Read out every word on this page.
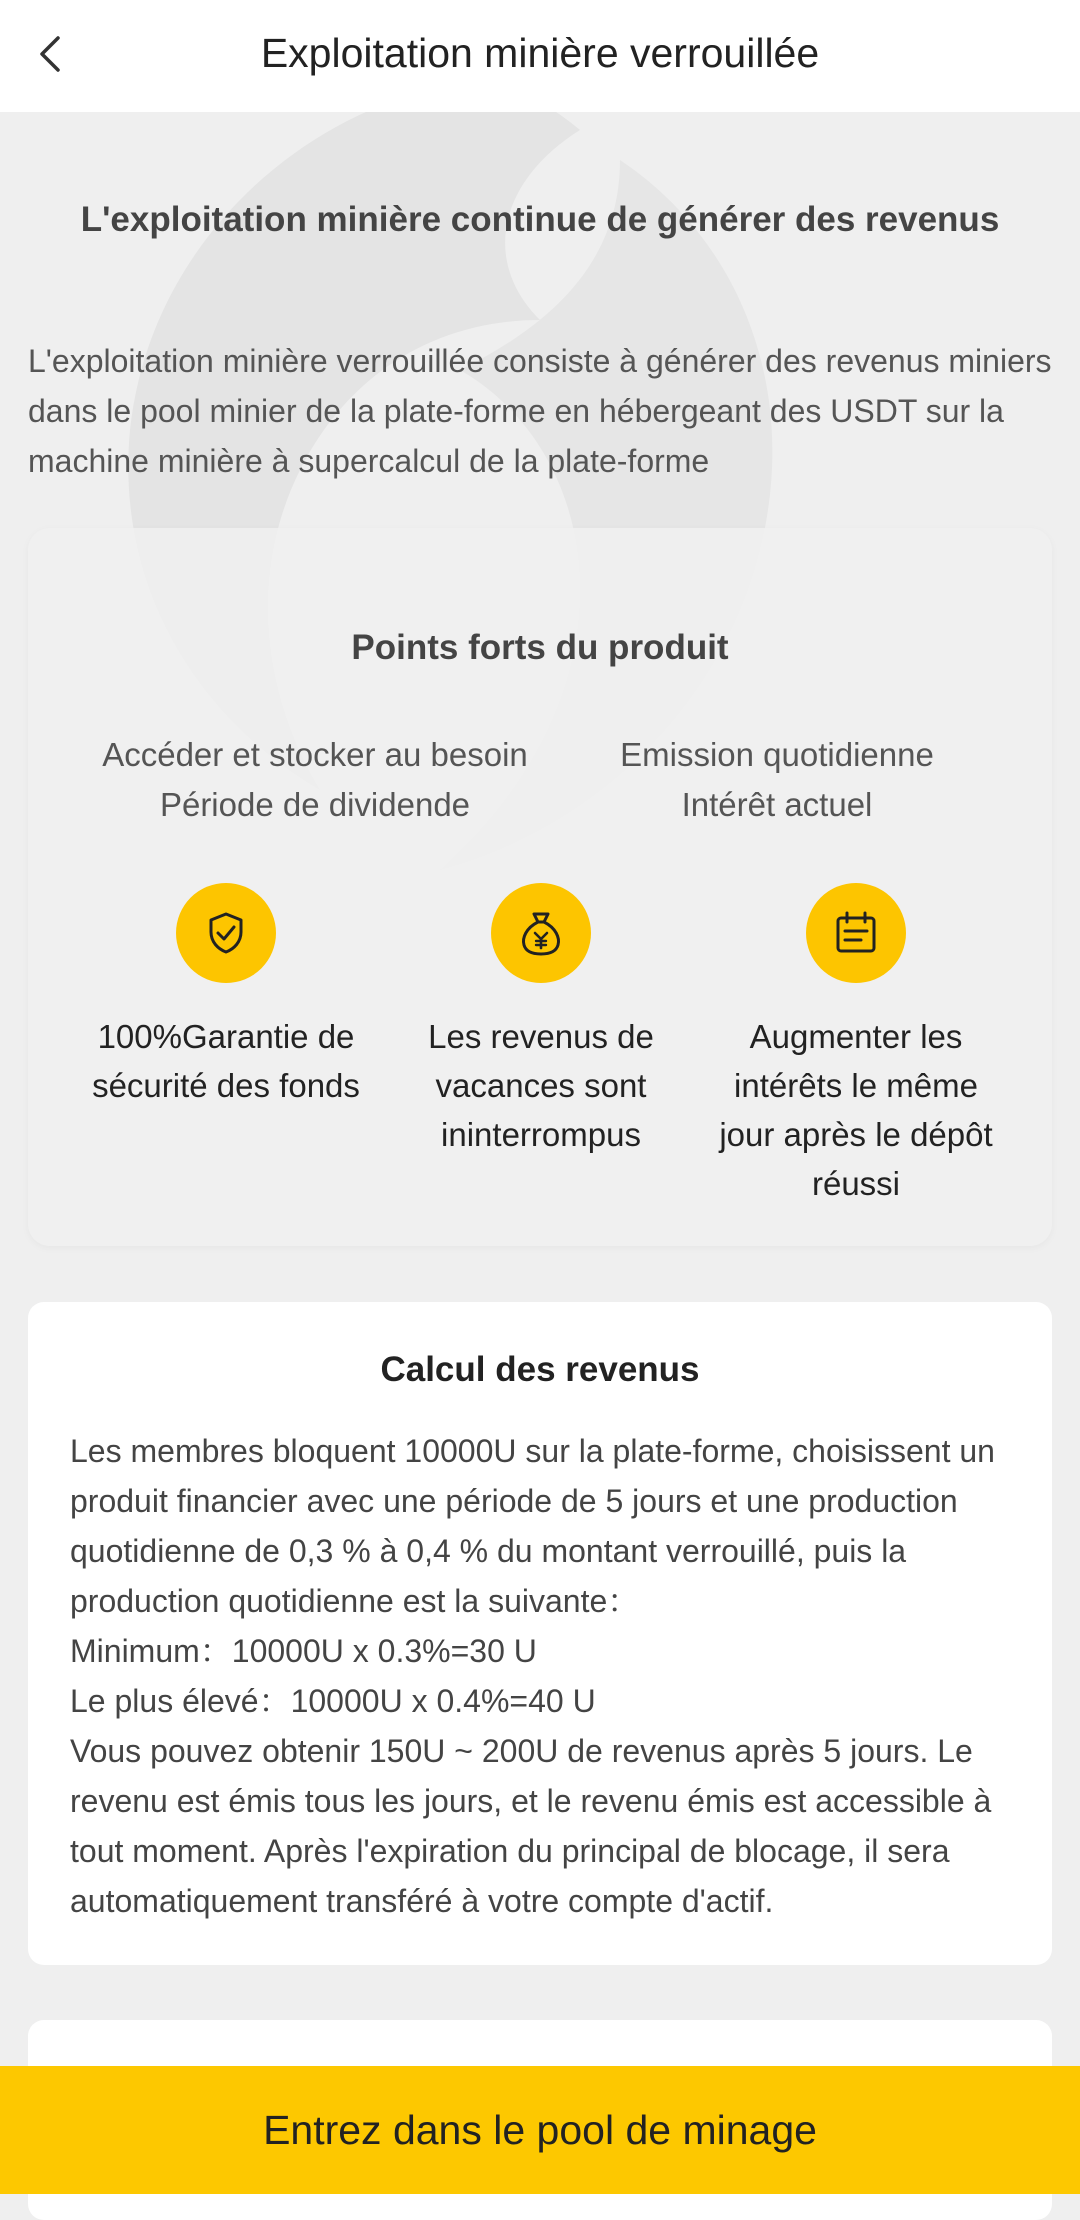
Exploitation minière verrouillée
L'exploitation minière continue de générer des revenus
L'exploitation minière verrouillée consiste à générer des revenus miniers dans le pool minier de la plate-forme en hébergeant des USDT sur la machine minière à supercalcul de la plate-forme
Points forts du produit
Accéder et stocker au besoin
Période de dividende
Emission quotidienne
Intérêt actuel
100%Garantie de sécurité des fonds
Les revenus de vacances sont ininterrompus
Augmenter les intérêts le même jour après le dépôt réussi
Calcul des revenus

Les membres bloquent 10000U sur la plate-forme, choisissent un produit financier avec une période de 5 jours et une production quotidienne de 0,3 % à 0,4 % du montant verrouillé, puis la production quotidienne est la suivante：

Minimum：10000U x 0.3%=30 U

Le plus élevé：10000U x 0.4%=40 U

Vous pouvez obtenir 150U ~ 200U de revenus après 5 jours. Le revenu est émis tous les jours, et le revenu émis est accessible à tout moment. Après l'expiration du principal de blocage, il sera automatiquement transféré à votre compte d'actif.

Entrez dans le pool de minage
